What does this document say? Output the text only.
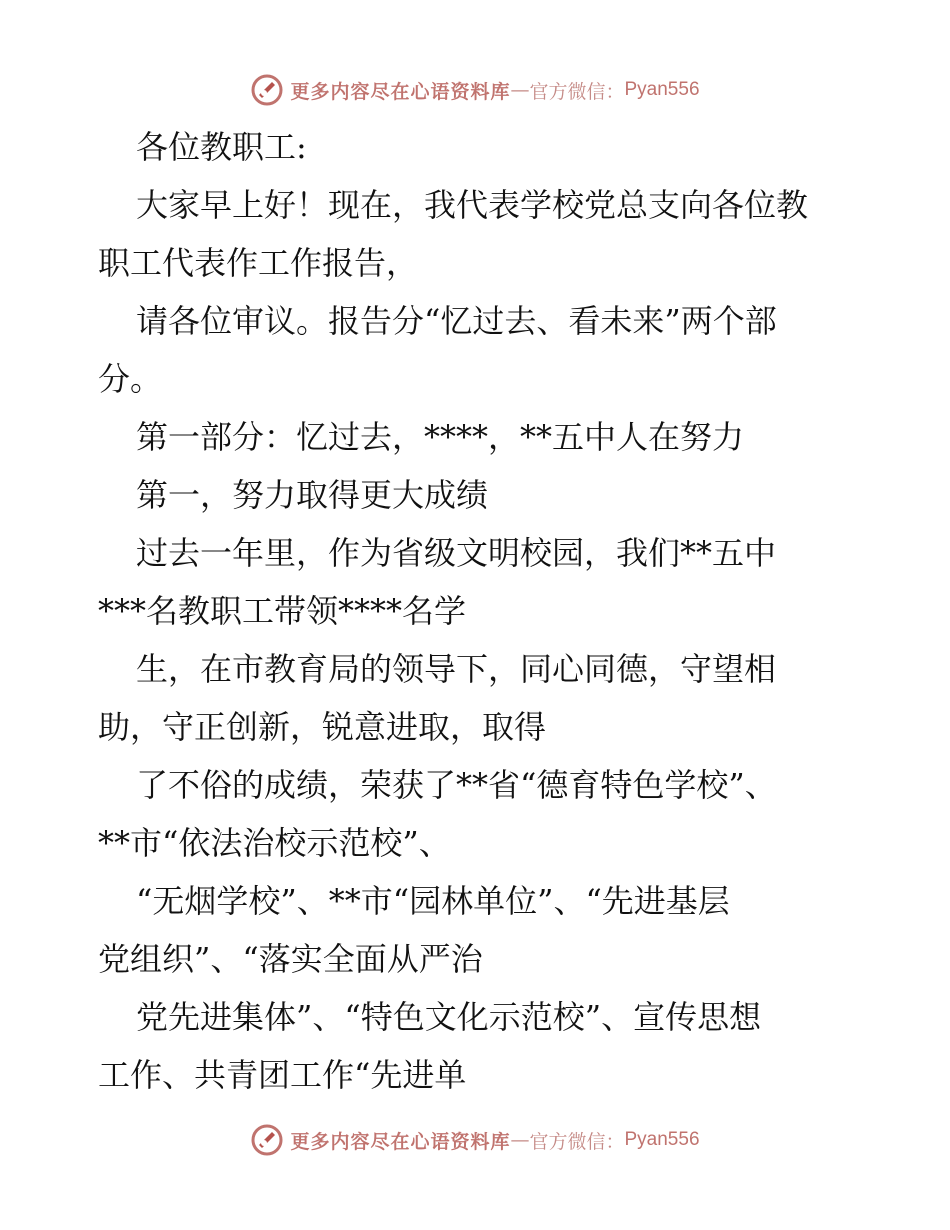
更多内容尽在心语资料库 — 官方微信： Pyan556

各位教职工:

大家早上好！现在，我代表学校党总支向各位教

职工代表作工作报告，

请各位审议。报告分“忆过去、看未来”两个部

分。

第一部分：忆过去，****，**五中人在努力

第一，努力取得更大成绩

过去一年里，作为省级文明校园，我们**五中

***名教职工带领****名学

生，在市教育局的领导下，同心同德，守望相

助，守正创新，锐意进取，取得

了不俗的成绩，荣获了**省“德育特色学校”、

**市“依法治校示范校”、

“无烟学校”、**市“园林单位”、“先进基层

党组织”、“落实全面从严治

党先进集体”、“特色文化示范校”、宣传思想

工作、共青团工作“先进单

更多内容尽在心语资料库 — 官方微信： Pyan556
